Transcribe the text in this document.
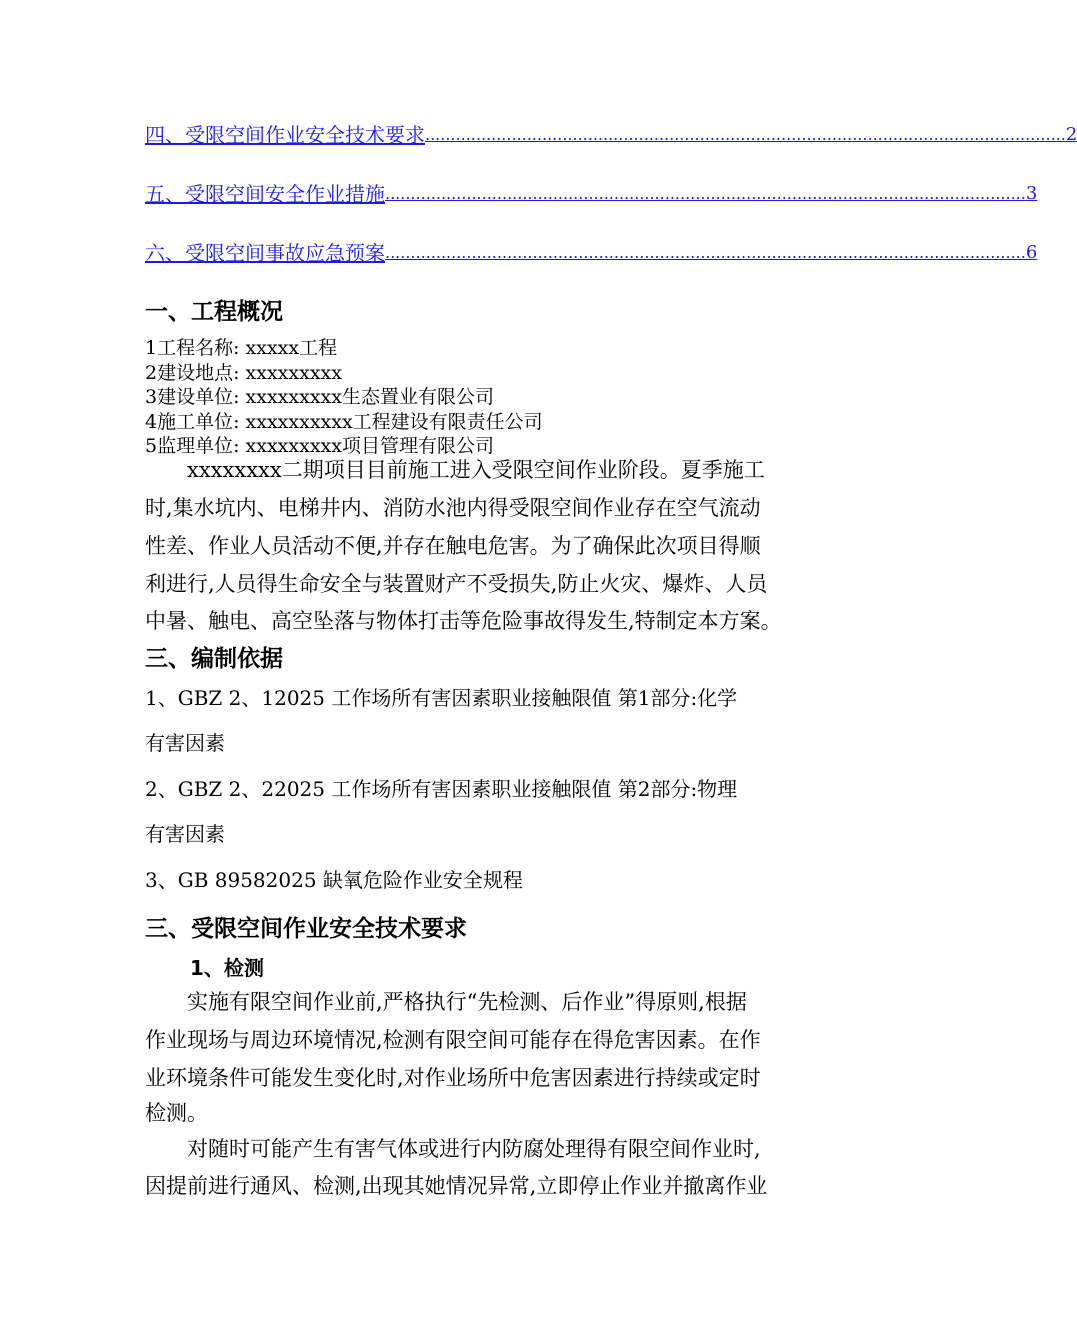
四、受限空间作业安全技术要求 .............................................................................................................................. 2
五、受限空间安全作业措施 .............................................................................................................................. 3
六、受限空间事故应急预案 .............................................................................................................................. 6
一、工程概况
1工程名称: xxxxx工程
2建设地点: xxxxxxxxx
3建设单位: xxxxxxxxx生态置业有限公司
4施工单位: xxxxxxxxxx工程建设有限责任公司
5监理单位: xxxxxxxxx项目管理有限公司
xxxxxxxx二期项目目前施工进入受限空间作业阶段。夏季施工
时,集水坑内、电梯井内、消防水池内得受限空间作业存在空气流动
性差、作业人员活动不便,并存在触电危害。为了确保此次项目得顺
利进行,人员得生命安全与装置财产不受损失,防止火灾、爆炸、人员
中暑、触电、高空坠落与物体打击等危险事故得发生,特制定本方案。
三、编制依据
1、GBZ 2、12025 工作场所有害因素职业接触限值 第1部分:化学
有害因素
2、GBZ 2、22025 工作场所有害因素职业接触限值 第2部分:物理
有害因素
3、GB 89582025 缺氧危险作业安全规程
三、受限空间作业安全技术要求
1、检测
实施有限空间作业前,严格执行“先检测、后作业”得原则,根据
作业现场与周边环境情况,检测有限空间可能存在得危害因素。在作
业环境条件可能发生变化时,对作业场所中危害因素进行持续或定时
检测。
对随时可能产生有害气体或进行内防腐处理得有限空间作业时,
因提前进行通风、检测,出现其她情况异常,立即停止作业并撤离作业
